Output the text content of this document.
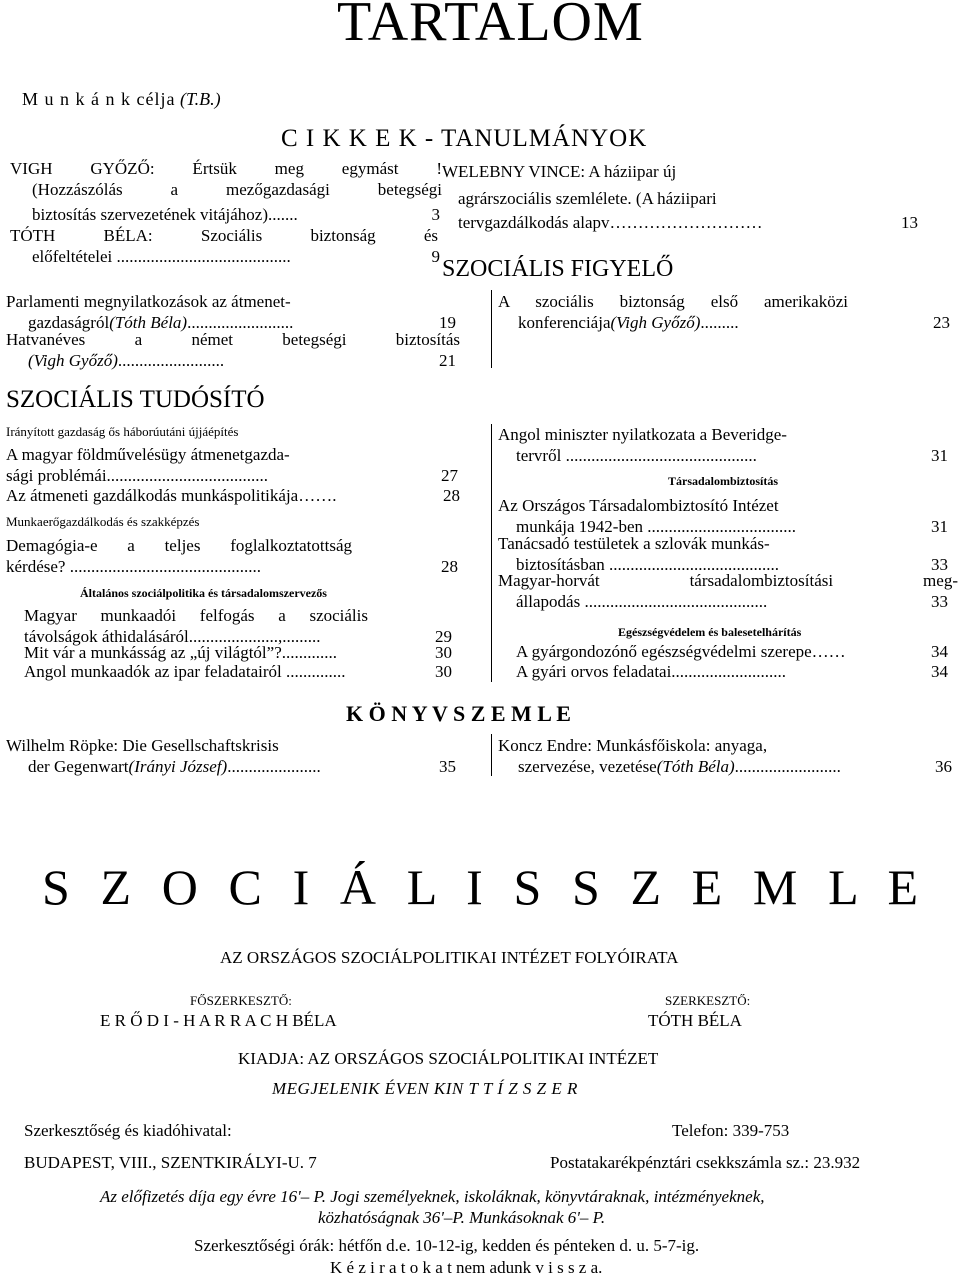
TARTALOM
M u n k á n k célja (T.B.)
C I K K E K - TANULMÁNYOK
VIGH GYŐZŐ: Értsük meg egymást !
(Hozzászólás a mezőgazdasági betegségi
biztosítás szervezetének vitájához).......	3
TÓTH BÉLA: Szociális biztonság és
előfeltételei .........................................	9
WELEBNY VINCE: A háziipar új
agrárszociális szemlélete. (A háziipari
tervgazdálkodás alapv………………………	13
SZOCIÁLIS FIGYELŐ
Parlamenti megnyilatkozások az átmenet-
gazdaságról (Tóth Béla) .........................	19
Hatvanéves a német betegségi biztosítás
(Vigh Győző) .........................	21
A szociális biztonság első amerikaközi
konferenciája (Vigh Győző) .........	23
SZOCIÁLIS TUDÓSÍTÓ
Irányított gazdaság ős háborúutáni újjáépítés
A magyar földművelésügy átmenetgazda-
sági problémái......................................	27
Az átmeneti gazdálkodás munkáspolitikája…….	28
Munkaerőgazdálkodás és szakképzés
Demagógia-e a teljes foglalkoztatottság
kérdése? .............................................	28
Általános szociálpolitika és társadalomszervezős
Magyar munkaadói felfogás a szociális
távolságok áthidalásáról.....................,.........	29
Mit vár a munkásság az „új világtól”?.............	30
Angol munkaadók az ipar feladatairól ..............	30
Angol miniszter nyilatkozata a Beveridge-
tervről .............................................	31
Társadalombiztosítás
Az Országos Társadalombiztosító Intézet
munkája 1942-ben ...................................	31
Tanácsadó testületek a szlovák munkás-
biztosításban ........................................	33
Magyar-horvát társadalombiztosítási meg-
állapodás ...........................................	33
Egészségvédelem és balesetelhárítás
A gyárgondozónő egészségvédelmi szerepe……	34
A gyári orvos feladatai...........................	34
K Ö N Y V S Z E M L E
Wilhelm Röpke: Die Gesellschaftskrisis
der Gegenwart (Irányi József) ......................	35
Koncz Endre: Munkásfőiskola: anyaga,
szervezése, vezetése (Tóth Béla) .........................	36
S Z O C I Á L I S S Z E M L E
AZ ORSZÁGOS SZOCIÁLPOLITIKAI INTÉZET FOLYÓIRATA
FŐSZERKESZTŐ:
E R Ő D I - H A R R A C H BÉLA
SZERKESZTŐ:
TÓTH BÉLA
KIADJA: AZ ORSZÁGOS SZOCIÁLPOLITIKAI INTÉZET
MEGJELENIK ÉVEN KIN T T Í Z S Z E R
Szerkesztőség és kiadóhivatal:	Telefon: 339-753
BUDAPEST, VIII., SZENTKIRÁLYI-U. 7	Postatakarékpénztári csekkszámla sz.: 23.932
Az előfizetés díja egy évre 16'– P. Jogi személyeknek, iskoláknak, könyvtáraknak, intézményeknek,
közhatóságnak 36'–P. Munkásoknak 6'– P.
Szerkesztőségi órák: hétfőn d.e. 10-12-ig, kedden és pénteken d. u. 5-7-ig.
K é z i r a t o k a t nem adunk v i s s z a.
